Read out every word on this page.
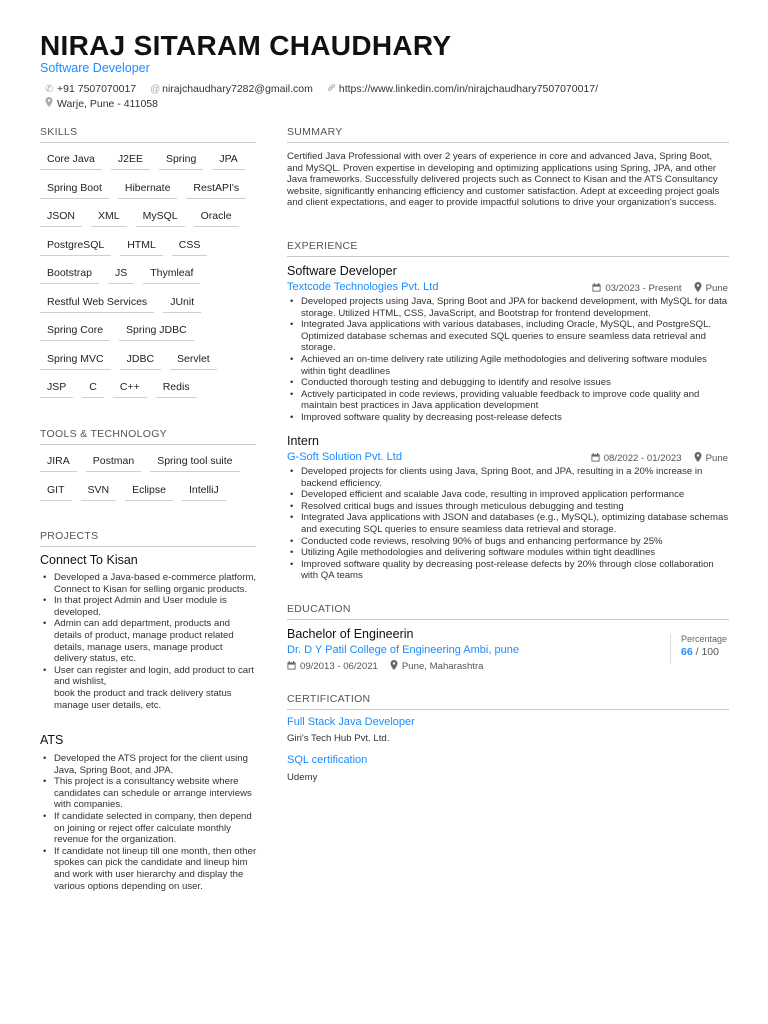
NIRAJ SITARAM CHAUDHARY
Software Developer
✆ +91 7507070017 @ nirajchaudhary7282@gmail.com https://www.linkedin.com/in/nirajchaudhary7507070017/
Warje, Pune - 411058
SKILLS
Core Java	J2EE	Spring	JPA
Spring Boot	Hibernate	RestAPI's
JSON	XML	MySQL	Oracle
PostgreSQL	HTML	CSS
Bootstrap	JS	Thymleaf
Restful Web Services	JUnit
Spring Core	Spring JDBC
Spring MVC	JDBC	Servlet
JSP	C	C++	Redis
TOOLS & TECHNOLOGY
JIRA	Postman	Spring tool suite
GIT	SVN	Eclipse	IntelliJ
PROJECTS
Connect To Kisan
• Developed a Java-based e-commerce platform, Connect to Kisan for selling organic products.
• In that project Admin and User module is developed.
• Admin can add department, products and details of product, manage product related details, manage users, manage product delivery status, etc.
• User can register and login, add product to cart and wishlist,
book the product and track delivery status manage user details, etc.
ATS
• Developed the ATS project for the client using Java, Spring Boot, and JPA.
• This project is a consultancy website where candidates can schedule or arrange interviews with companies.
• If candidate selected in company, then depend on joining or reject offer calculate monthly revenue for the organization.
• If candidate not lineup till one month, then other spokes can pick the candidate and lineup him and work with user hierarchy and display the various options depending on user.
SUMMARY
Certified Java Professional with over 2 years of experience in core and advanced Java, Spring Boot, and MySQL. Proven expertise in developing and optimizing applications using Spring, JPA, and other Java frameworks. Successfully delivered projects such as Connect to Kisan and the ATS Consultancy website, significantly enhancing efficiency and customer satisfaction. Adept at exceeding project goals and client expectations, and eager to provide impactful solutions to drive your organization's success.
EXPERIENCE
Software Developer
Textcode Technologies Pvt. Ltd	03/2023 - Present	Pune
• Developed projects using Java, Spring Boot and JPA for backend development, with MySQL for data storage. Utilized HTML, CSS, JavaScript, and Bootstrap for frontend development.
• Integrated Java applications with various databases, including Oracle, MySQL, and PostgreSQL. Optimized database schemas and executed SQL queries to ensure seamless data retrieval and storage.
• Achieved an on-time delivery rate utilizing Agile methodologies and delivering software modules within tight deadlines
• Conducted thorough testing and debugging to identify and resolve issues
• Actively participated in code reviews, providing valuable feedback to improve code quality and maintain best practices in Java application development
• Improved software quality by decreasing post-release defects
Intern
G-Soft Solution Pvt. Ltd	08/2022 - 01/2023	Pune
• Developed projects for clients using Java, Spring Boot, and JPA, resulting in a 20% increase in backend efficiency.
• Developed efficient and scalable Java code, resulting in improved application performance
• Resolved critical bugs and issues through meticulous debugging and testing
• Integrated Java applications with JSON and databases (e.g., MySQL), optimizing database schemas and executing SQL queries to ensure seamless data retrieval and storage.
• Conducted code reviews, resolving 90% of bugs and enhancing performance by 25%
• Utilizing Agile methodologies and delivering software modules within tight deadlines
• Improved software quality by decreasing post-release defects by 20% through close collaboration with QA teams
EDUCATION
Bachelor of Engineerin
Dr. D Y Patil College of Engineering Ambi, pune
09/2013 - 06/2021	Pune, Maharashtra
Percentage
66 / 100
CERTIFICATION
Full Stack Java Developer
Giri's Tech Hub Pvt. Ltd.
SQL certification
Udemy
